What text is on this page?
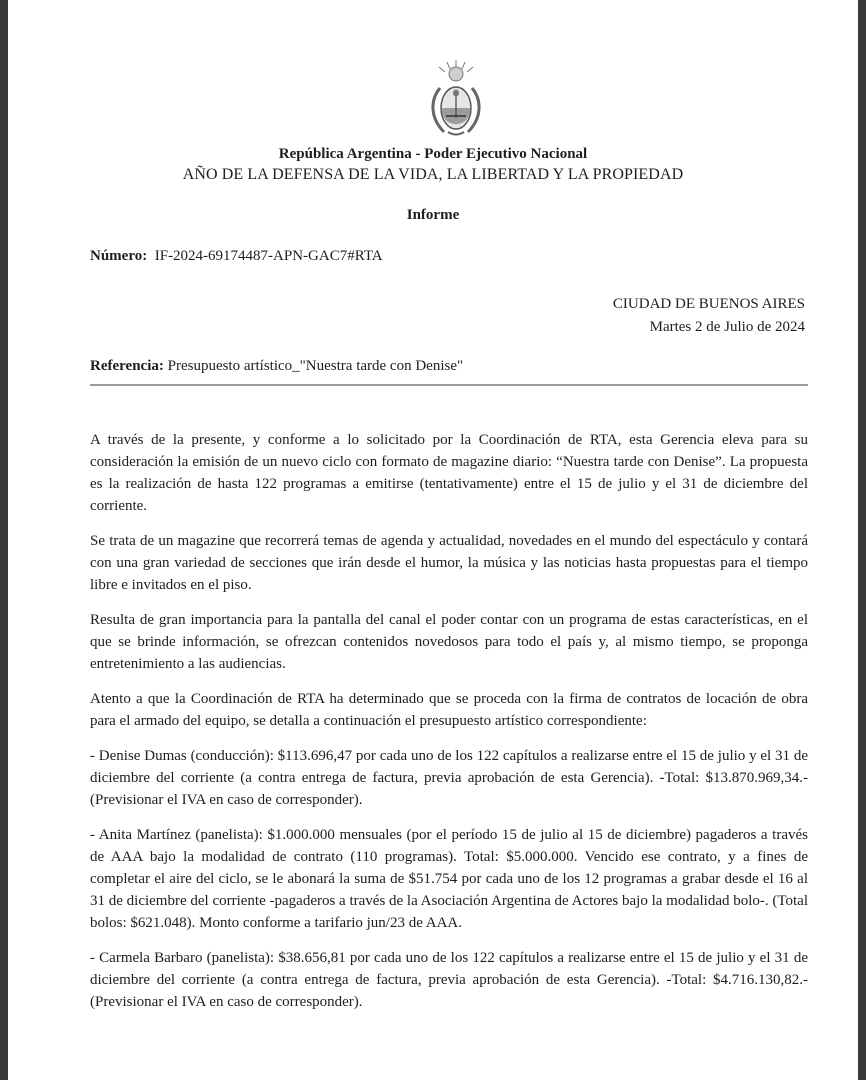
República Argentina - Poder Ejecutivo Nacional
AÑO DE LA DEFENSA DE LA VIDA, LA LIBERTAD Y LA PROPIEDAD
Informe
Número: IF-2024-69174487-APN-GAC7#RTA
CIUDAD DE BUENOS AIRES
Martes 2 de Julio de 2024
Referencia: Presupuesto artístico_"Nuestra tarde con Denise"

A través de la presente, y conforme a lo solicitado por la Coordinación de RTA, esta Gerencia eleva para su consideración la emisión de un nuevo ciclo con formato de magazine diario: “Nuestra tarde con Denise”. La propuesta es la realización de hasta 122 programas a emitirse (tentativamente) entre el 15 de julio y el 31 de diciembre del corriente.

Se trata de un magazine que recorrerá temas de agenda y actualidad, novedades en el mundo del espectáculo y contará con una gran variedad de secciones que irán desde el humor, la música y las noticias hasta propuestas para el tiempo libre e invitados en el piso.

Resulta de gran importancia para la pantalla del canal el poder contar con un programa de estas características, en el que se brinde información, se ofrezcan contenidos novedosos para todo el país y, al mismo tiempo, se proponga entretenimiento a las audiencias.

Atento a que la Coordinación de RTA ha determinado que se proceda con la firma de contratos de locación de obra para el armado del equipo, se detalla a continuación el presupuesto artístico correspondiente:

- Denise Dumas (conducción): $113.696,47 por cada uno de los 122 capítulos a realizarse entre el 15 de julio y el 31 de diciembre del corriente (a contra entrega de factura, previa aprobación de esta Gerencia). -Total: $13.870.969,34.- (Previsionar el IVA en caso de corresponder).

- Anita Martínez (panelista): $1.000.000 mensuales (por el período 15 de julio al 15 de diciembre) pagaderos a través de AAA bajo la modalidad de contrato (110 programas). Total: $5.000.000. Vencido ese contrato, y a fines de completar el aire del ciclo, se le abonará la suma de $51.754 por cada uno de los 12 programas a grabar desde el 16 al 31 de diciembre del corriente -pagaderos a través de la Asociación Argentina de Actores bajo la modalidad bolo-. (Total bolos: $621.048). Monto conforme a tarifario jun/23 de AAA.

- Carmela Barbaro (panelista): $38.656,81 por cada uno de los 122 capítulos a realizarse entre el 15 de julio y el 31 de diciembre del corriente (a contra entrega de factura, previa aprobación de esta Gerencia). -Total: $4.716.130,82.- (Previsionar el IVA en caso de corresponder).
